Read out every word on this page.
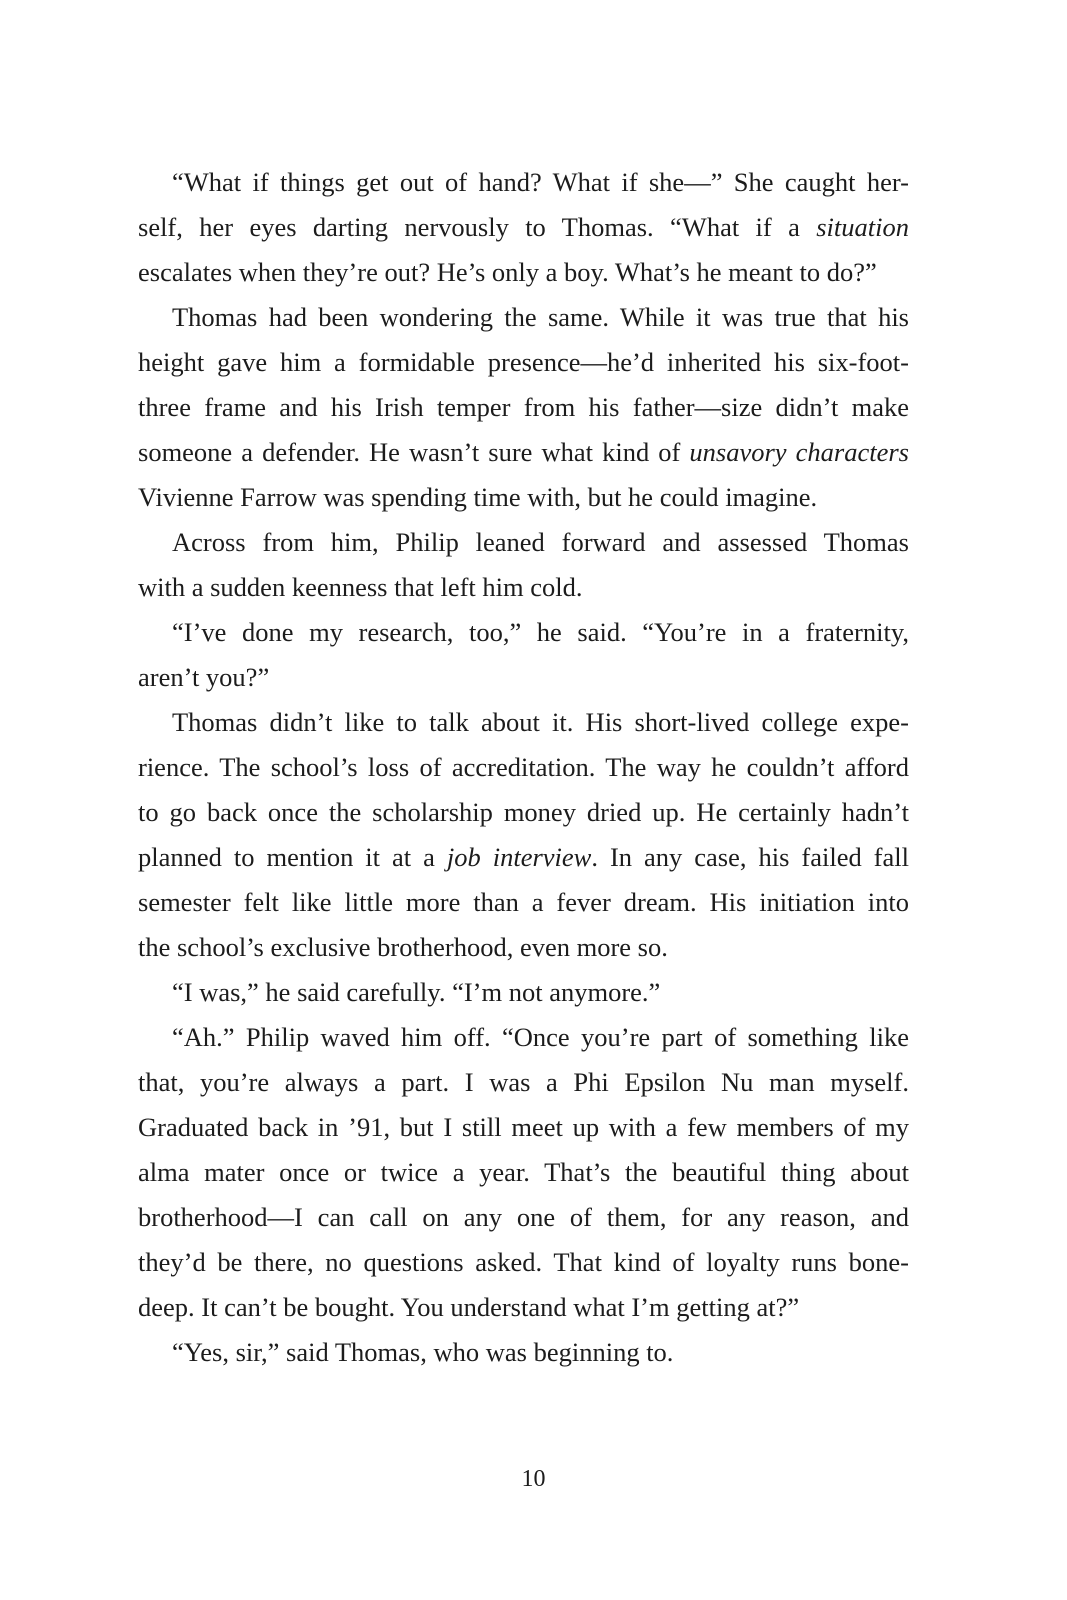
“What if things get out of hand? What if she—” She caught her-
self, her eyes darting nervously to Thomas. “What if a situation
escalates when they’re out? He’s only a boy. What’s he meant to do?”
Thomas had been wondering the same. While it was true that his
height gave him a formidable presence—he’d inherited his six-foot-
three frame and his Irish temper from his father—size didn’t make
someone a defender. He wasn’t sure what kind of unsavory characters
Vivienne Farrow was spending time with, but he could imagine.
Across from him, Philip leaned forward and assessed Thomas
with a sudden keenness that left him cold.
“I’ve done my research, too,” he said. “You’re in a fraternity,
aren’t you?”
Thomas didn’t like to talk about it. His short-lived college expe-
rience. The school’s loss of accreditation. The way he couldn’t afford
to go back once the scholarship money dried up. He certainly hadn’t
planned to mention it at a job interview. In any case, his failed fall
semester felt like little more than a fever dream. His initiation into
the school’s exclusive brotherhood, even more so.
“I was,” he said carefully. “I’m not anymore.”
“Ah.” Philip waved him off. “Once you’re part of something like
that, you’re always a part. I was a Phi Epsilon Nu man myself.
Graduated back in ’91, but I still meet up with a few members of my
alma mater once or twice a year. That’s the beautiful thing about
brotherhood—I can call on any one of them, for any reason, and
they’d be there, no questions asked. That kind of loyalty runs bone-
deep. It can’t be bought. You understand what I’m getting at?”
“Yes, sir,” said Thomas, who was beginning to.
10
